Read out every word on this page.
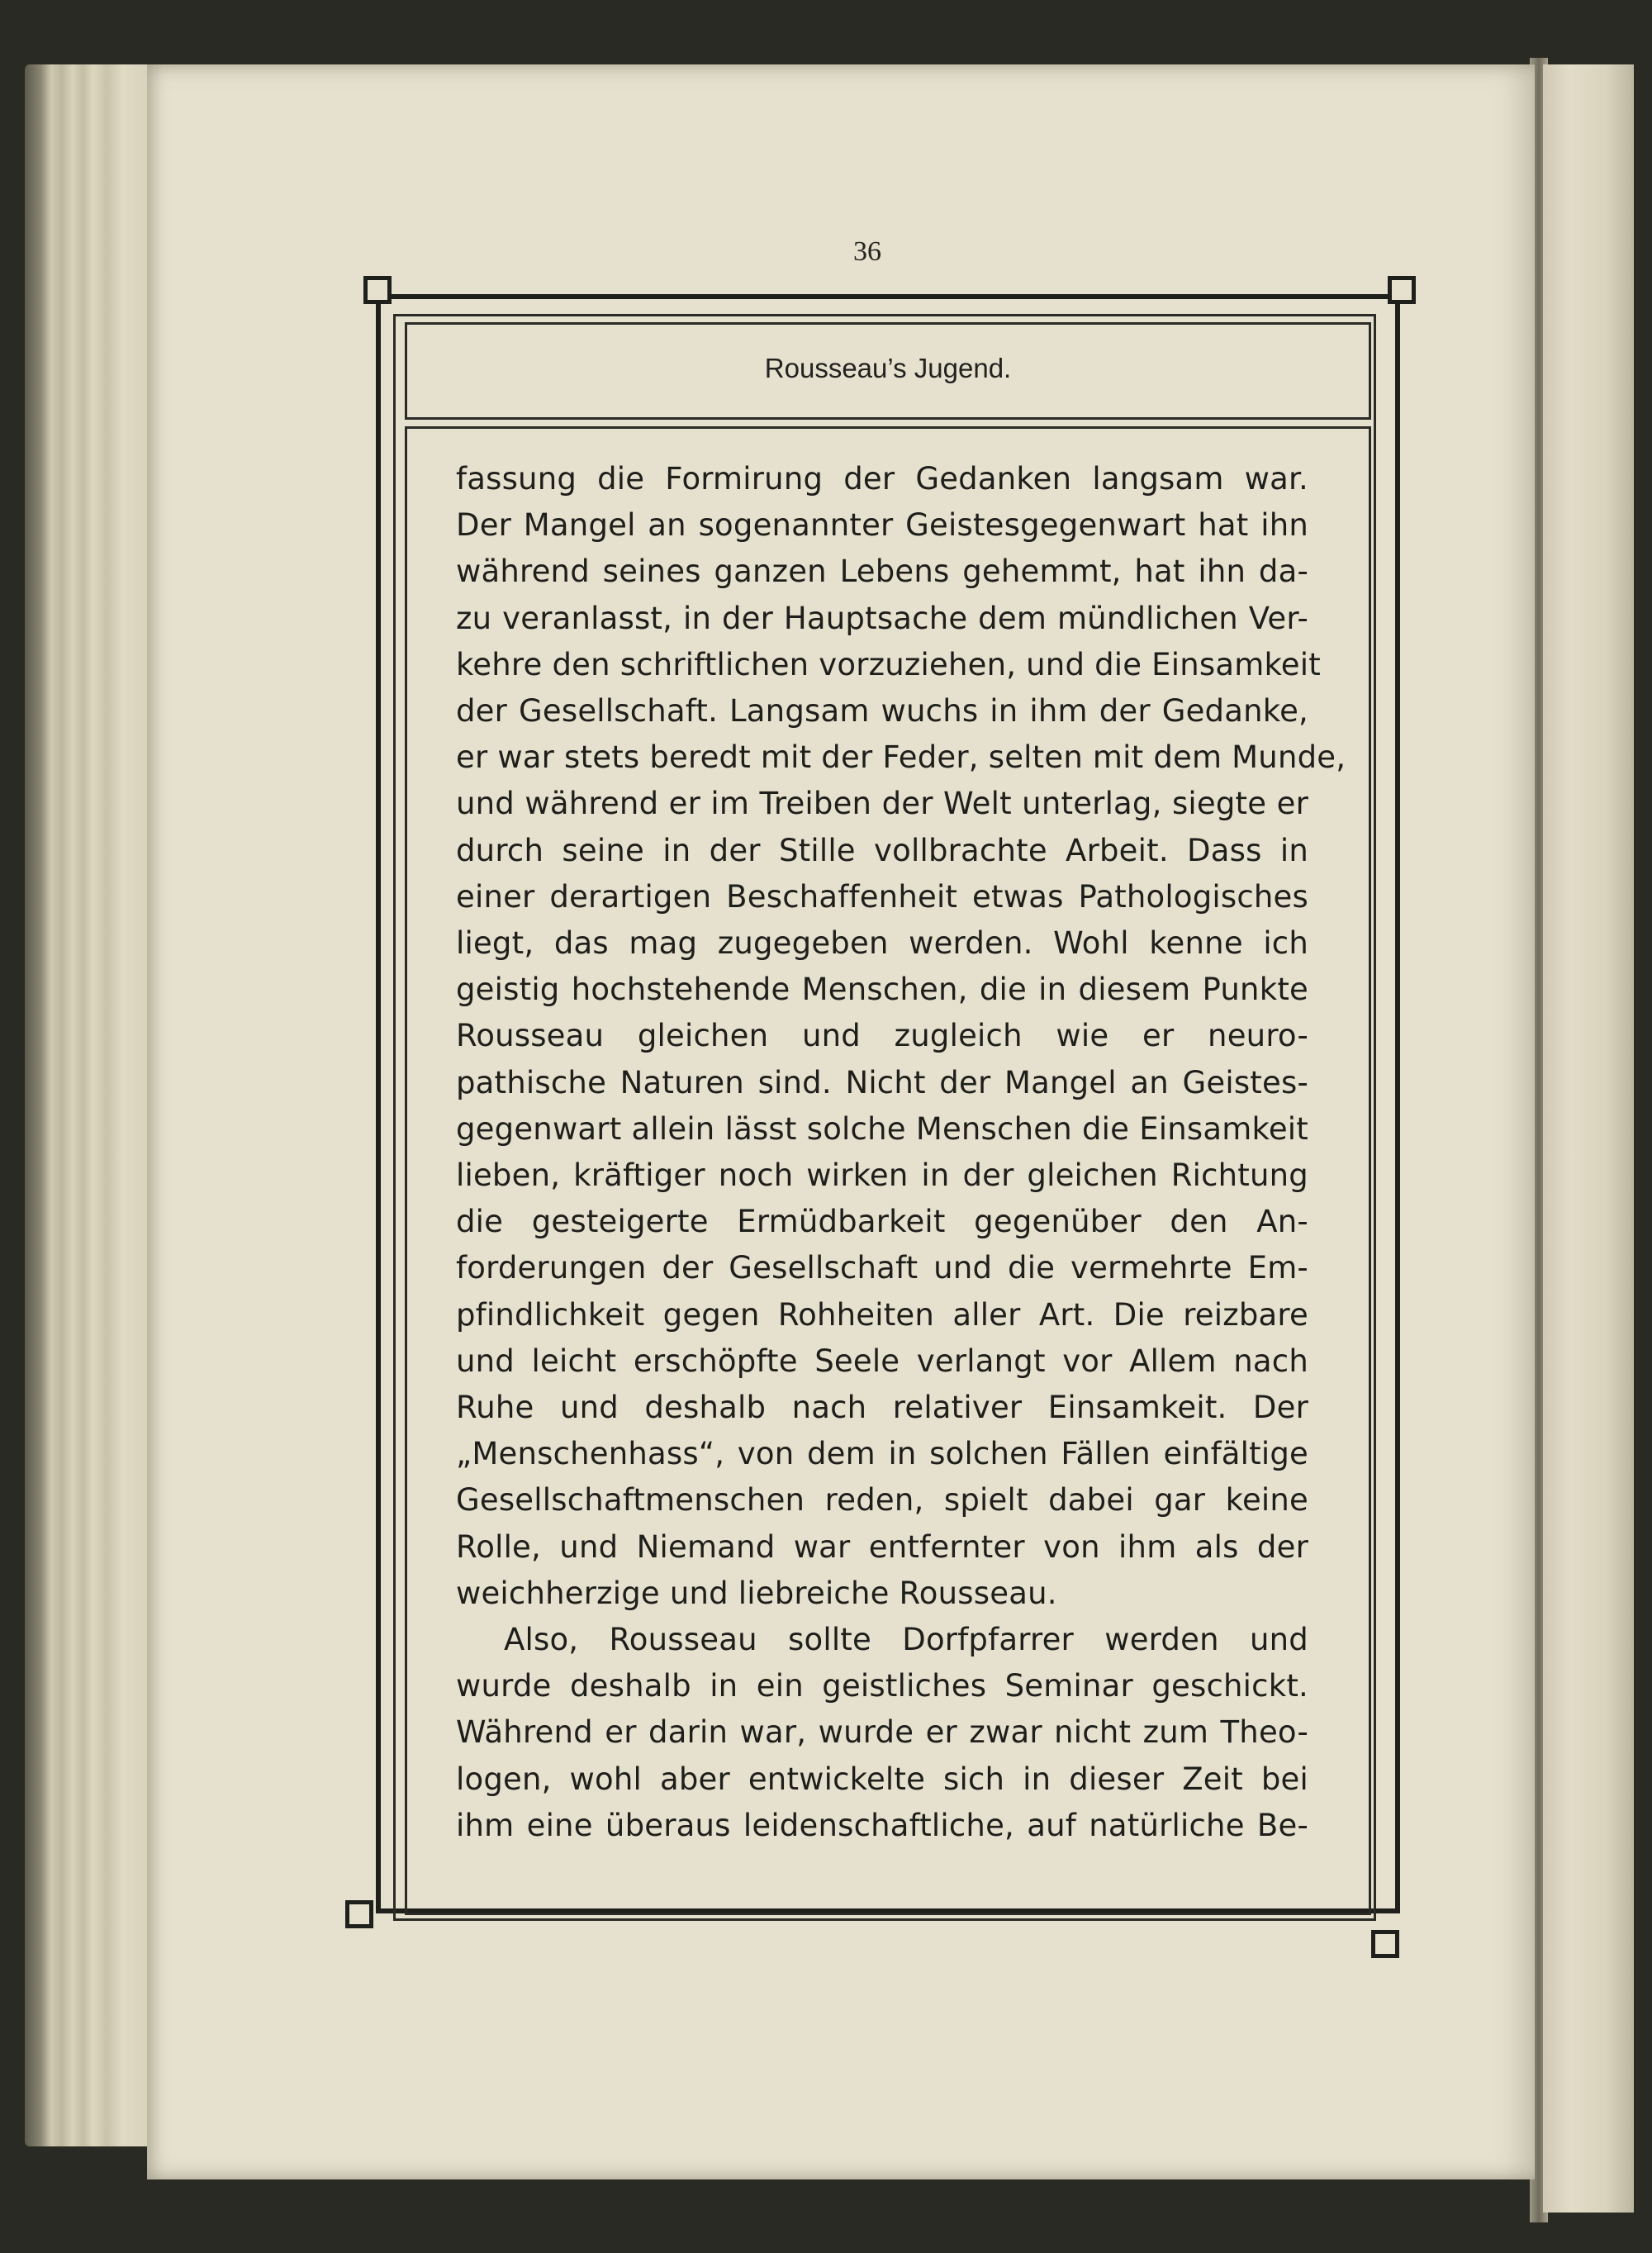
36
Rousseau’s Jugend.
fassung die Formirung der Gedanken langsam war.
Der Mangel an sogenannter Geistesgegenwart hat ihn
während seines ganzen Lebens gehemmt, hat ihn da-
zu veranlasst, in der Hauptsache dem mündlichen Ver-
kehre den schriftlichen vorzuziehen, und die Einsamkeit
der Gesellschaft. Langsam wuchs in ihm der Gedanke,
er war stets beredt mit der Feder, selten mit dem Munde,
und während er im Treiben der Welt unterlag, siegte er
durch seine in der Stille vollbrachte Arbeit. Dass in
einer derartigen Beschaffenheit etwas Pathologisches
liegt, das mag zugegeben werden. Wohl kenne ich
geistig hochstehende Menschen, die in diesem Punkte
Rousseau gleichen und zugleich wie er neuro-
pathische Naturen sind. Nicht der Mangel an Geistes-
gegenwart allein lässt solche Menschen die Einsamkeit
lieben, kräftiger noch wirken in der gleichen Richtung
die gesteigerte Ermüdbarkeit gegenüber den An-
forderungen der Gesellschaft und die vermehrte Em-
pfindlichkeit gegen Rohheiten aller Art. Die reizbare
und leicht erschöpfte Seele verlangt vor Allem nach
Ruhe und deshalb nach relativer Einsamkeit. Der
„Menschenhass“, von dem in solchen Fällen einfältige
Gesellschaftmenschen reden, spielt dabei gar keine
Rolle, und Niemand war entfernter von ihm als der
weichherzige und liebreiche Rousseau.
Also, Rousseau sollte Dorfpfarrer werden und
wurde deshalb in ein geistliches Seminar geschickt.
Während er darin war, wurde er zwar nicht zum Theo-
logen, wohl aber entwickelte sich in dieser Zeit bei
ihm eine überaus leidenschaftliche, auf natürliche Be-
